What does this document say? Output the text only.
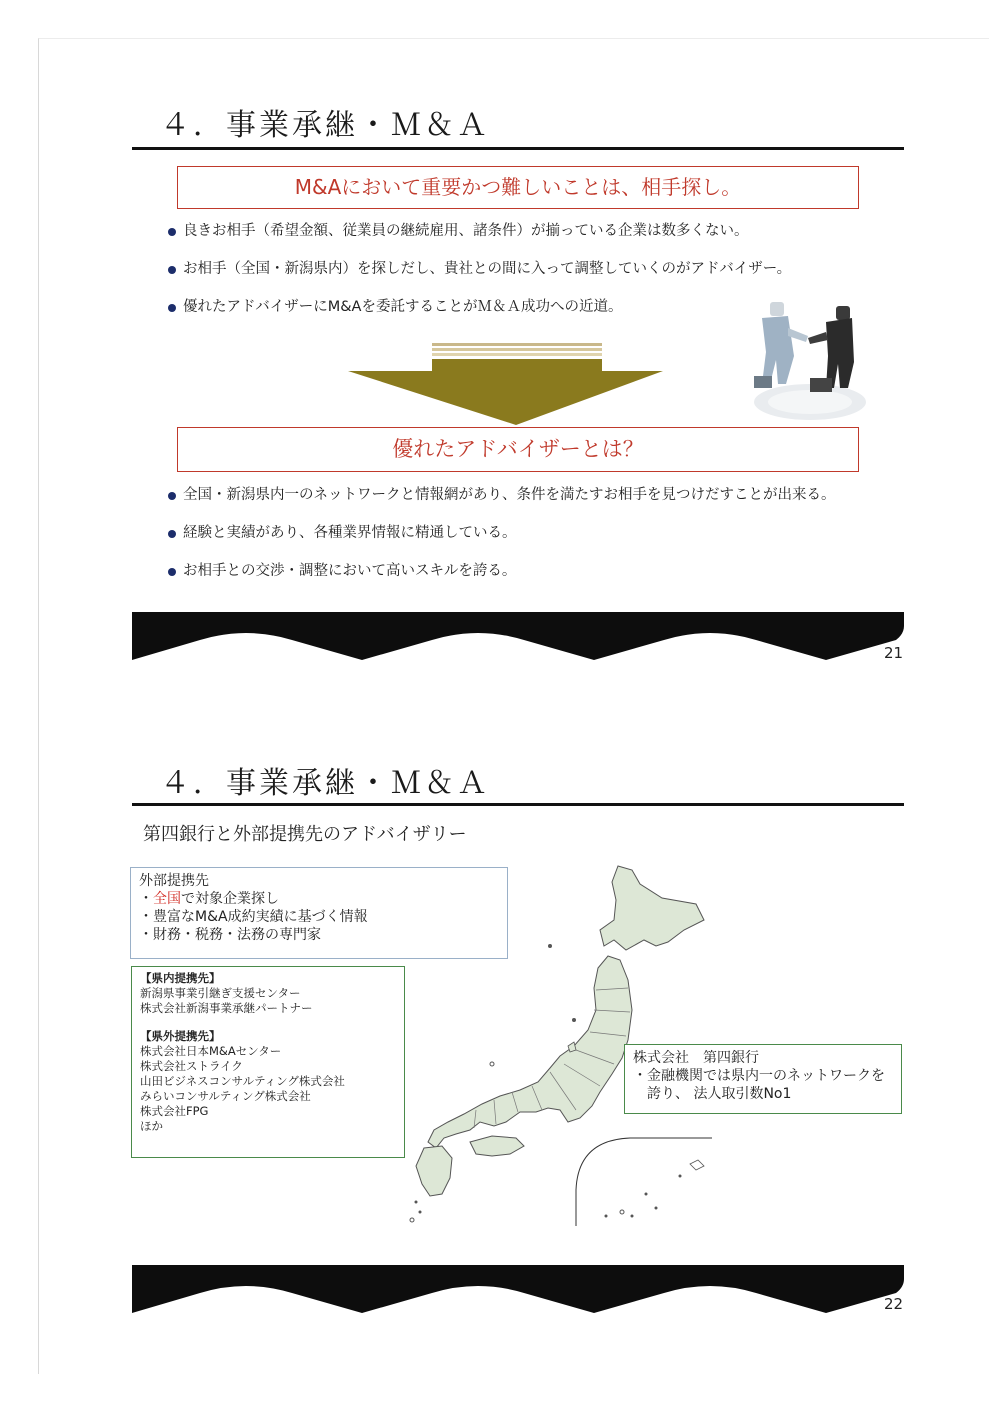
４．事業承継・Ｍ＆Ａ
M&Aにおいて重要かつ難しいことは、相手探し。
良きお相手（希望金額、従業員の継続雇用、諸条件）が揃っている企業は数多くない。
お相手（全国・新潟県内）を探しだし、貴社との間に入って調整していくのがアドバイザー。
優れたアドバイザーにM&Aを委託することがＭ＆Ａ成功への近道。
優れたアドバイザーとは？
全国・新潟県内一のネットワークと情報網があり、条件を満たすお相手を見つけだすことが出来る。
経験と実績があり、各種業界情報に精通している。
お相手との交渉・調整において高いスキルを誇る。
21
４．事業承継・Ｍ＆Ａ
第四銀行と外部提携先のアドバイザリー
外部提携先
・全国で対象企業探し
・豊富なM&A成約実績に基づく情報
・財務・税務・法務の専門家
【県内提携先】
新潟県事業引継ぎ支援センター
株式会社新潟事業承継パートナー
【県外提携先】
株式会社日本M&Aセンター
株式会社ストライク
山田ビジネスコンサルティング株式会社
みらいコンサルティング株式会社
株式会社FPG
ほか
株式会社　第四銀行
・金融機関では県内一のネットワークを
　誇り、 法人取引数No1
22
